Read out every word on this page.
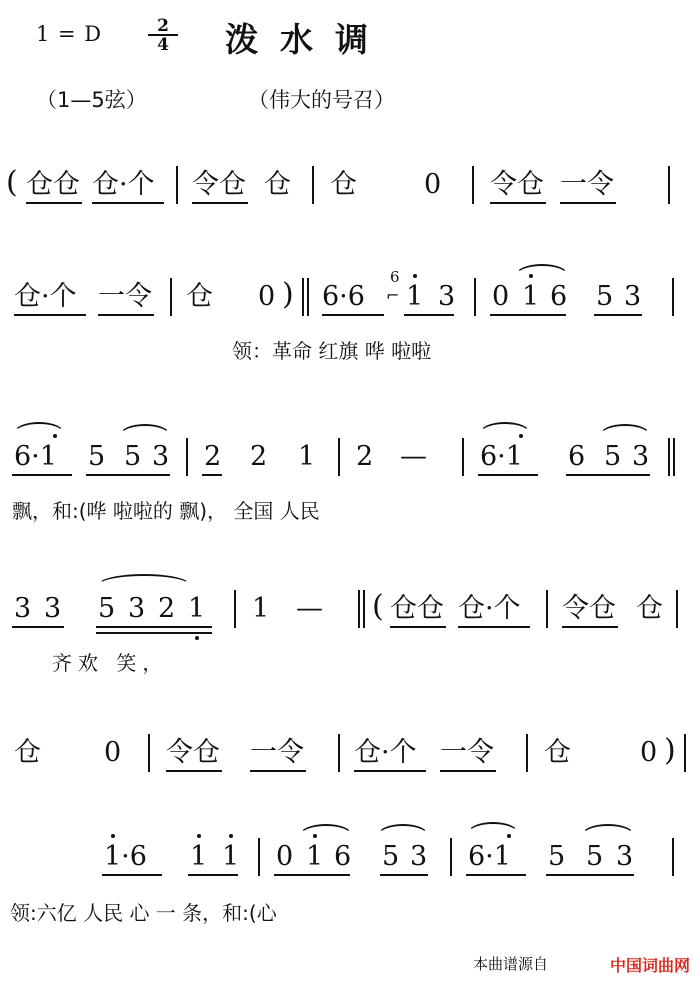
1 = D	$\frac{2}{4}$ 泼水调
（1—5弦）	（伟大的号召）
( 仓仓 仓·个 令仓 仓 仓 0 令仓 一令
仓·个 一令 仓 0 ) 6·6
6
⌐ 1 3 0 1 6 5 3
领：革命 红旗 哗 啦啦
6·1 5 5 3 2 2 1 2 — 6·1 6 5 3
飘，和:(哗 啦啦的 飘)， 全国 人民
3 3 5 3 2 1 1 — ( 仓仓 仓·个 令仓 仓
齐欢 笑，
仓 0 令仓 一令 仓·个 一令 仓	0 )
1·6 1 1 0 1 6 5 3 6·1 5 5 3
领:六亿 人民 心 一 条，和:(心
本曲谱源自	中国词曲网
